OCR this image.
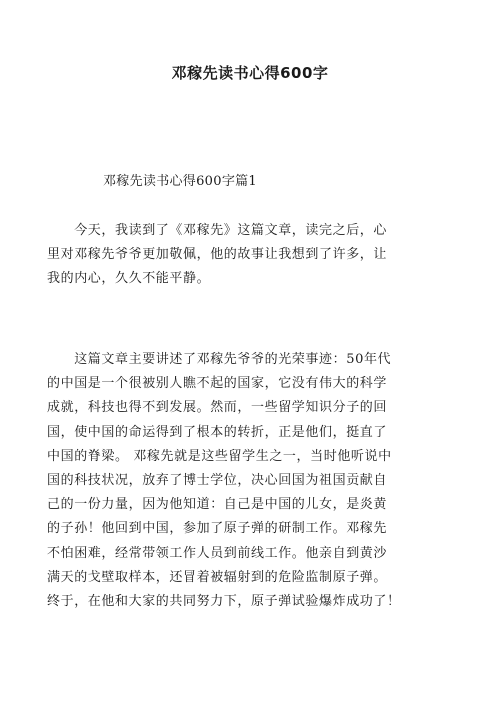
邓稼先读书心得600字
邓稼先读书心得600字篇1

　　今天，我读到了《邓稼先》这篇文章，读完之后，心
里对邓稼先爷爷更加敬佩，他的故事让我想到了许多，让
我的内心，久久不能平静。

　　这篇文章主要讲述了邓稼先爷爷的光荣事迹：50年代
的中国是一个很被别人瞧不起的国家，它没有伟大的科学
成就，科技也得不到发展。然而，一些留学知识分子的回
国，使中国的命运得到了根本的转折，正是他们，挺直了
中国的脊梁。 邓稼先就是这些留学生之一，当时他听说中
国的科技状况，放弃了博士学位，决心回国为祖国贡献自
己的一份力量，因为他知道：自己是中国的儿女，是炎黄
的子孙！他回到中国，参加了原子弹的研制工作。邓稼先
不怕困难，经常带领工作人员到前线工作。他亲自到黄沙
满天的戈壁取样本，还冒着被辐射到的危险监制原子弹。
终于，在他和大家的共同努力下，原子弹试验爆炸成功了！
